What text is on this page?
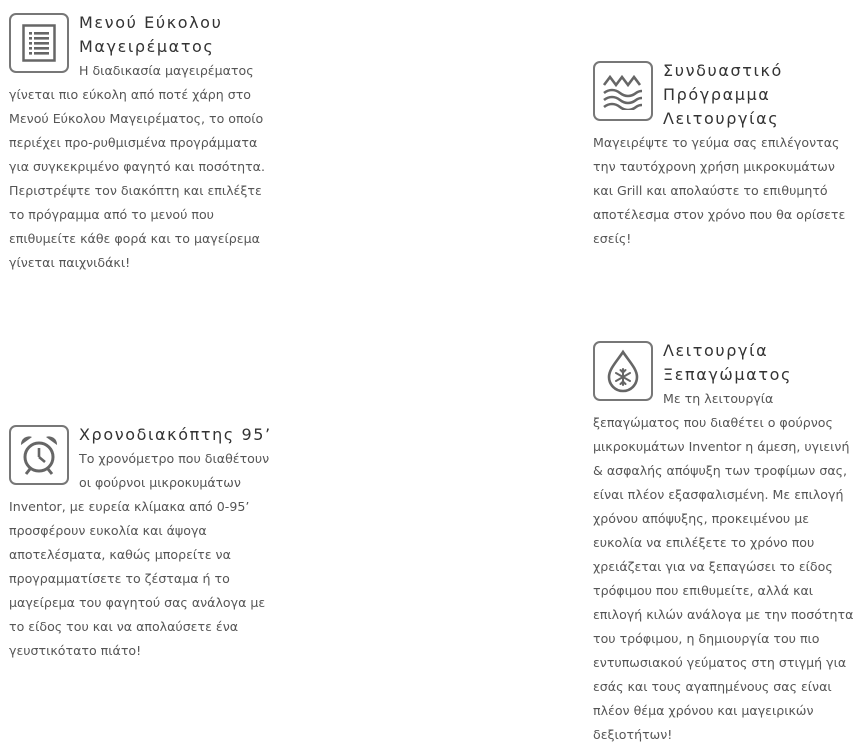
Μενού Εύκολου
Μαγειρέματος

Η διαδικασία μαγειρέματος γίνεται πιο εύκολη από ποτέ χάρη στο Μενού Εύκολου Μαγειρέματος, το οποίο περιέχει προ-ρυθμισμένα προγράμματα για συγκεκριμένο φαγητό και ποσότητα. Περιστρέψτε τον διακόπτη και επιλέξτε το πρόγραμμα από το μενού που επιθυμείτε κάθε φορά και το μαγείρεμα γίνεται παιχνιδάκι!

Συνδυαστικό
Πρόγραμμα
Λειτουργίας

Μαγειρέψτε το γεύμα σας επιλέγοντας την ταυτόχρονη χρήση μικροκυμάτων και Grill και απολαύστε το επιθυμητό αποτέλεσμα στον χρόνο που θα ορίσετε εσείς!

Χρονοδιακόπτης 95’

Το χρονόμετρο που διαθέτουν οι φούρνοι μικροκυμάτων Inventor, με ευρεία κλίμακα από 0-95’ προσφέρουν ευκολία και άψογα αποτελέσματα, καθώς μπορείτε να προγραμματίσετε το ζέσταμα ή το μαγείρεμα του φαγητού σας ανάλογα με το είδος του και να απολαύσετε ένα γευστικότατο πιάτο!

Λειτουργία
Ξεπαγώματος

Με τη λειτουργία ξεπαγώματος που διαθέτει ο φούρνος μικροκυμάτων Inventor η άμεση, υγιεινή & ασφαλής απόψυξη των τροφίμων σας, είναι πλέον εξασφαλισμένη. Με επιλογή χρόνου απόψυξης, προκειμένου με ευκολία να επιλέξετε το χρόνο που χρειάζεται για να ξεπαγώσει το είδος τρόφιμου που επιθυμείτε, αλλά και επιλογή κιλών ανάλογα με την ποσότητα του τρόφιμου, η δημιουργία του πιο εντυπωσιακού γεύματος στη στιγμή για εσάς και τους αγαπημένους σας είναι πλέον θέμα χρόνου και μαγειρικών δεξιοτήτων!
